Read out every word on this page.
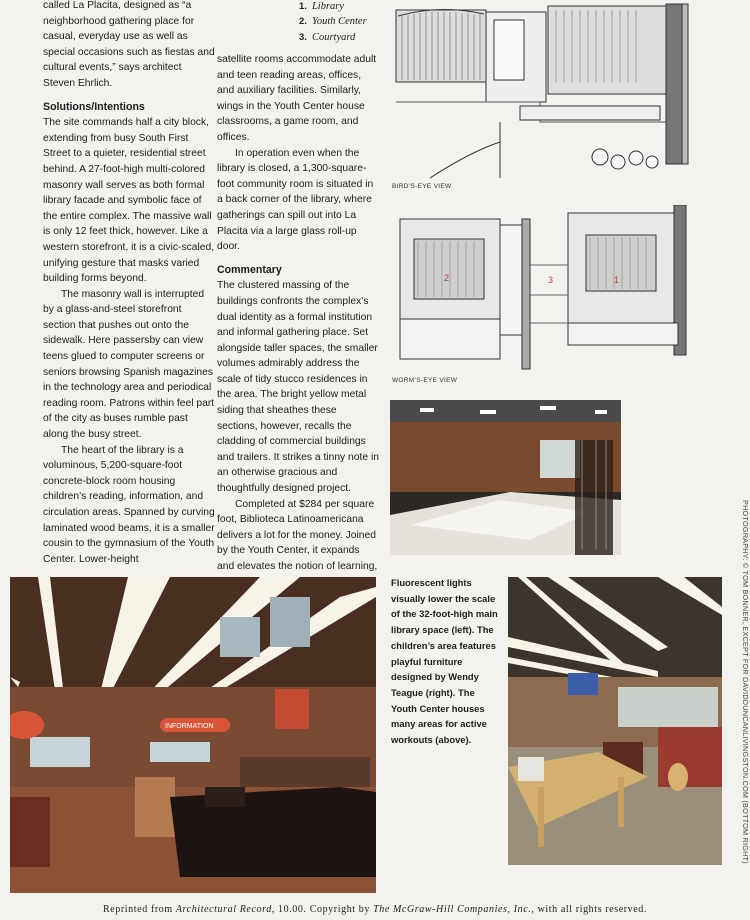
called La Placita, designed as “a neighborhood gathering place for casual, everyday use as well as special occasions such as fiestas and cultural events,” says architect Steven Ehrlich.

Solutions/Intentions

The site commands half a city block, extending from busy South First Street to a quieter, residential street behind. A 27-foot-high multi-colored masonry wall serves as both formal library facade and symbolic face of the entire complex. The massive wall is only 12 feet thick, however. Like a western storefront, it is a civic-scaled, unifying gesture that masks varied building forms beyond.

The masonry wall is interrupted by a glass-and-steel storefront section that pushes out onto the sidewalk. Here passersby can view teens glued to computer screens or seniors browsing Spanish magazines in the technology area and periodical reading room. Patrons within feel part of the city as buses rumble past along the busy street.

The heart of the library is a voluminous, 5,200-square-foot concrete-block room housing children’s reading, information, and circulation areas. Spanned by curving laminated wood beams, it is a smaller cousin to the gymnasium of the Youth Center. Lower-height

1. Library
2. Youth Center
3. Courtyard

satellite rooms accommodate adult and teen reading areas, offices, and auxiliary facilities. Similarly, wings in the Youth Center house classrooms, a game room, and offices.

In operation even when the library is closed, a 1,300-square-foot community room is situated in a back corner of the library, where gatherings can spill out into La Placita via a large glass roll-up door.

Commentary

The clustered massing of the buildings confronts the complex’s dual identity as a formal institution and informal gathering place. Set alongside taller spaces, the smaller volumes admirably address the scale of tidy stucco residences in the area. The bright yellow metal siding that sheathes these sections, however, recalls the cladding of commercial buildings and trailers. It strikes a tinny note in an otherwise gracious and thoughtfully designed project.

Completed at $284 per square foot, Biblioteca Latinoamericana delivers a lot for the money. Joined by the Youth Center, it expands and elevates the notion of learning,

BIRD’S-EYE VIEW
2	3	1
WORM’S-EYE VIEW
INFORMATION
Fluorescent lights visually lower the scale of the 32-foot-high main library space (left). The children’s area features playful furniture designed by Wendy Teague (right). The Youth Center houses many areas for active workouts (above).	PHOTOGRAPHY: © TOM BONNER, EXCEPT FOR DAVIDDUNCANLIVINGSTON.COM (BOTTOM RIGHT)
Reprinted from Architectural Record, 10.00. Copyright by The McGraw-Hill Companies, Inc., with all rights reserved.
